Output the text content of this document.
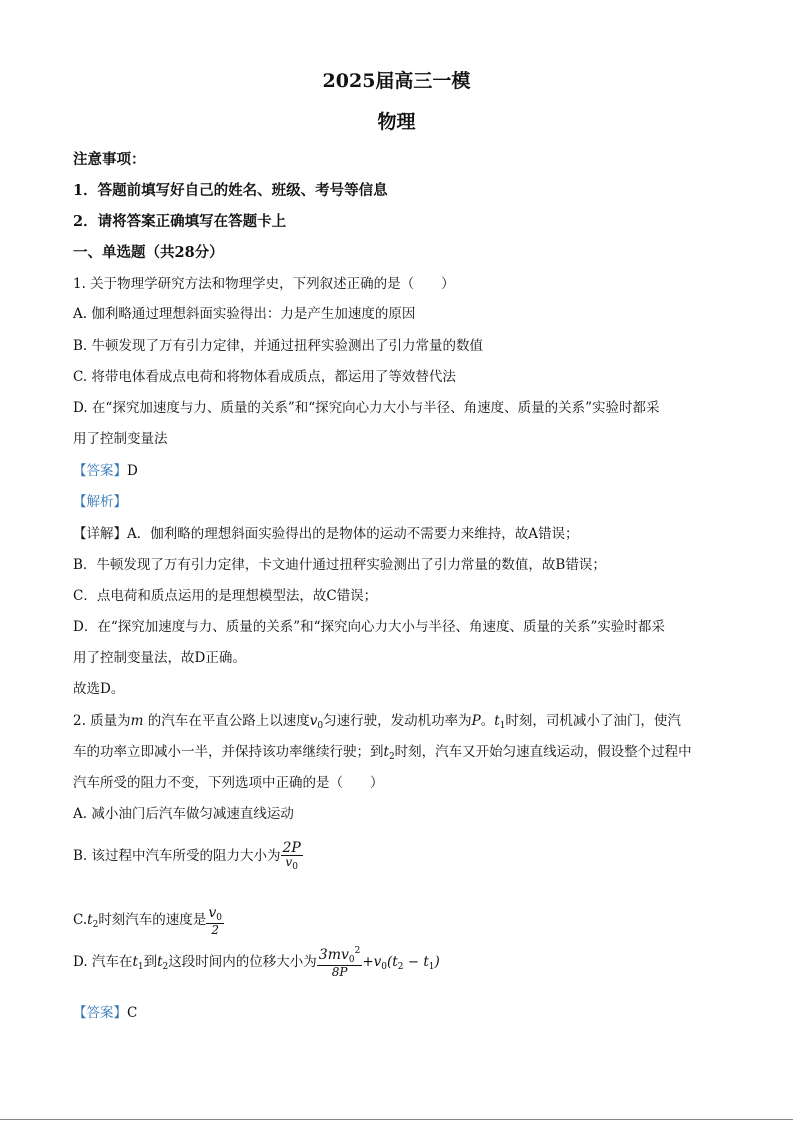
2025届高三一模
物理
注意事项：
1．答题前填写好自己的姓名、班级、考号等信息
2．请将答案正确填写在答题卡上
一、单选题（共28分）
1. 关于物理学研究方法和物理学史，下列叙述正确的是（　　）
A. 伽利略通过理想斜面实验得出：力是产生加速度的原因
B. 牛顿发现了万有引力定律，并通过扭秤实验测出了引力常量的数值
C. 将带电体看成点电荷和将物体看成质点，都运用了等效替代法
D. 在“探究加速度与力、质量的关系”和“探究向心力大小与半径、角速度、质量的关系”实验时都采
用了控制变量法
【答案】D
【解析】
【详解】A．伽利略的理想斜面实验得出的是物体的运动不需要力来维持，故A错误；
B．牛顿发现了万有引力定律，卡文迪什通过扭秤实验测出了引力常量的数值，故B错误；
C．点电荷和质点运用的是理想模型法，故C错误；
D．在“探究加速度与力、质量的关系”和“探究向心力大小与半径、角速度、质量的关系”实验时都采
用了控制变量法，故D正确。
故选D。
2. 质量为m 的汽车在平直公路上以速度$v_0$匀速行驶，发动机功率为P。$t_1$时刻，司机减小了油门，使汽
车的功率立即减小一半，并保持该功率继续行驶；到$t_2$时刻，汽车又开始匀速直线运动，假设整个过程中
汽车所受的阻力不变，下列选项中正确的是（　　）
A. 减小油门后汽车做匀减速直线运动
B. 该过程中汽车所受的阻力大小为 $\frac{2P}{v_0}$
$C.t_2$时刻汽车的速度是 $\frac{v_0}{2}$
D. 汽车在$t_1$到$t_2$这段时间内的位移大小为 $\frac{3mv_0^2}{8P} +v_0(t_2 - t_1)$
【答案】C
